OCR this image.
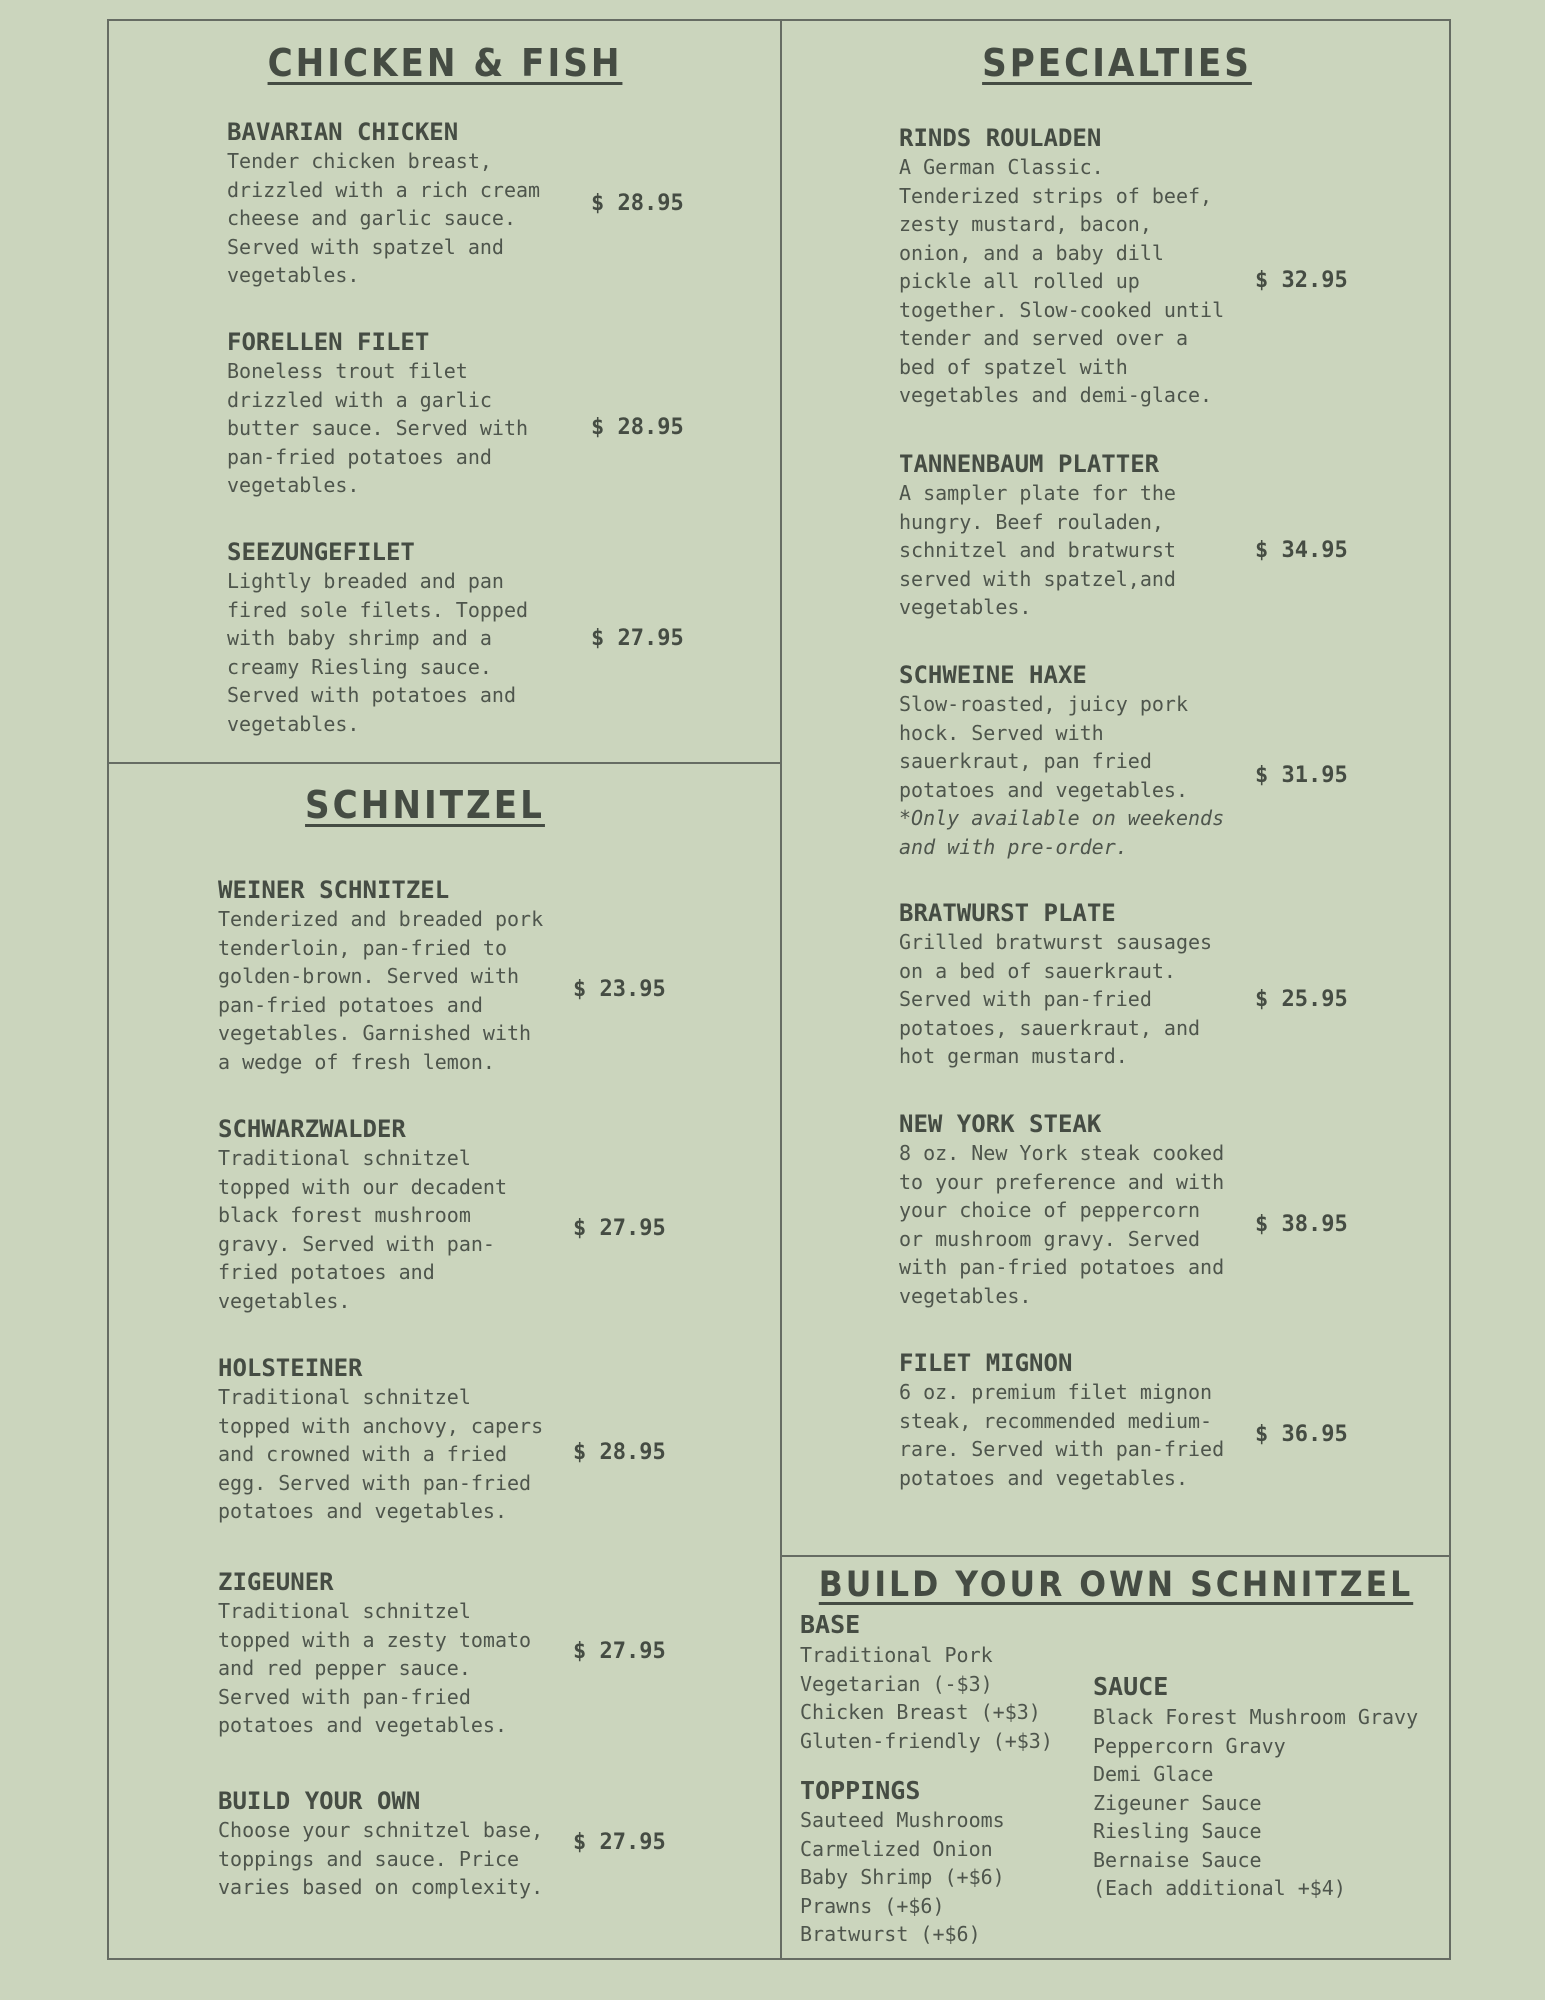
CHICKEN & FISH
BAVARIAN CHICKEN
Tender chicken breast,
drizzled with a rich cream
cheese and garlic sauce.
Served with spatzel and
vegetables.
$ 28.95
FORELLEN FILET
Boneless trout filet
drizzled with a garlic
butter sauce. Served with
pan-fried potatoes and
vegetables.
$ 28.95
SEEZUNGEFILET
Lightly breaded and pan
fired sole filets. Topped
with baby shrimp and a
creamy Riesling sauce.
Served with potatoes and
vegetables.
$ 27.95
SCHNITZEL
WEINER SCHNITZEL
Tenderized and breaded pork
tenderloin, pan-fried to
golden-brown. Served with
pan-fried potatoes and
vegetables. Garnished with
a wedge of fresh lemon.
$ 23.95
SCHWARZWALDER
Traditional schnitzel
topped with our decadent
black forest mushroom
gravy. Served with pan-
fried potatoes and
vegetables.
$ 27.95
HOLSTEINER
Traditional schnitzel
topped with anchovy, capers
and crowned with a fried
egg. Served with pan-fried
potatoes and vegetables.
$ 28.95
ZIGEUNER
Traditional schnitzel
topped with a zesty tomato
and red pepper sauce.
Served with pan-fried
potatoes and vegetables.
$ 27.95
BUILD YOUR OWN
Choose your schnitzel base,
toppings and sauce. Price
varies based on complexity.
$ 27.95
SPECIALTIES
RINDS ROULADEN
A German Classic.
Tenderized strips of beef,
zesty mustard, bacon,
onion, and a baby dill
pickle all rolled up
together. Slow-cooked until
tender and served over a
bed of spatzel with
vegetables and demi-glace.
$ 32.95
TANNENBAUM PLATTER
A sampler plate for the
hungry. Beef rouladen,
schnitzel and bratwurst
served with spatzel,and
vegetables.
$ 34.95
SCHWEINE HAXE
Slow-roasted, juicy pork
hock. Served with
sauerkraut, pan fried
potatoes and vegetables.
*Only available on weekends
and with pre-order.
$ 31.95
BRATWURST PLATE
Grilled bratwurst sausages
on a bed of sauerkraut.
Served with pan-fried
potatoes, sauerkraut, and
hot german mustard.
$ 25.95
NEW YORK STEAK
8 oz. New York steak cooked
to your preference and with
your choice of peppercorn
or mushroom gravy. Served
with pan-fried potatoes and
vegetables.
$ 38.95
FILET MIGNON
6 oz. premium filet mignon
steak, recommended medium-
rare. Served with pan-fried
potatoes and vegetables.
$ 36.95
BUILD YOUR OWN SCHNITZEL
BASE
Traditional Pork
Vegetarian (-$3)
Chicken Breast (+$3)
Gluten-friendly (+$3)
TOPPINGS
Sauteed Mushrooms
Carmelized Onion
Baby Shrimp (+$6)
Prawns (+$6)
Bratwurst (+$6)
SAUCE
Black Forest Mushroom Gravy
Peppercorn Gravy
Demi Glace
Zigeuner Sauce
Riesling Sauce
Bernaise Sauce
(Each additional +$4)
